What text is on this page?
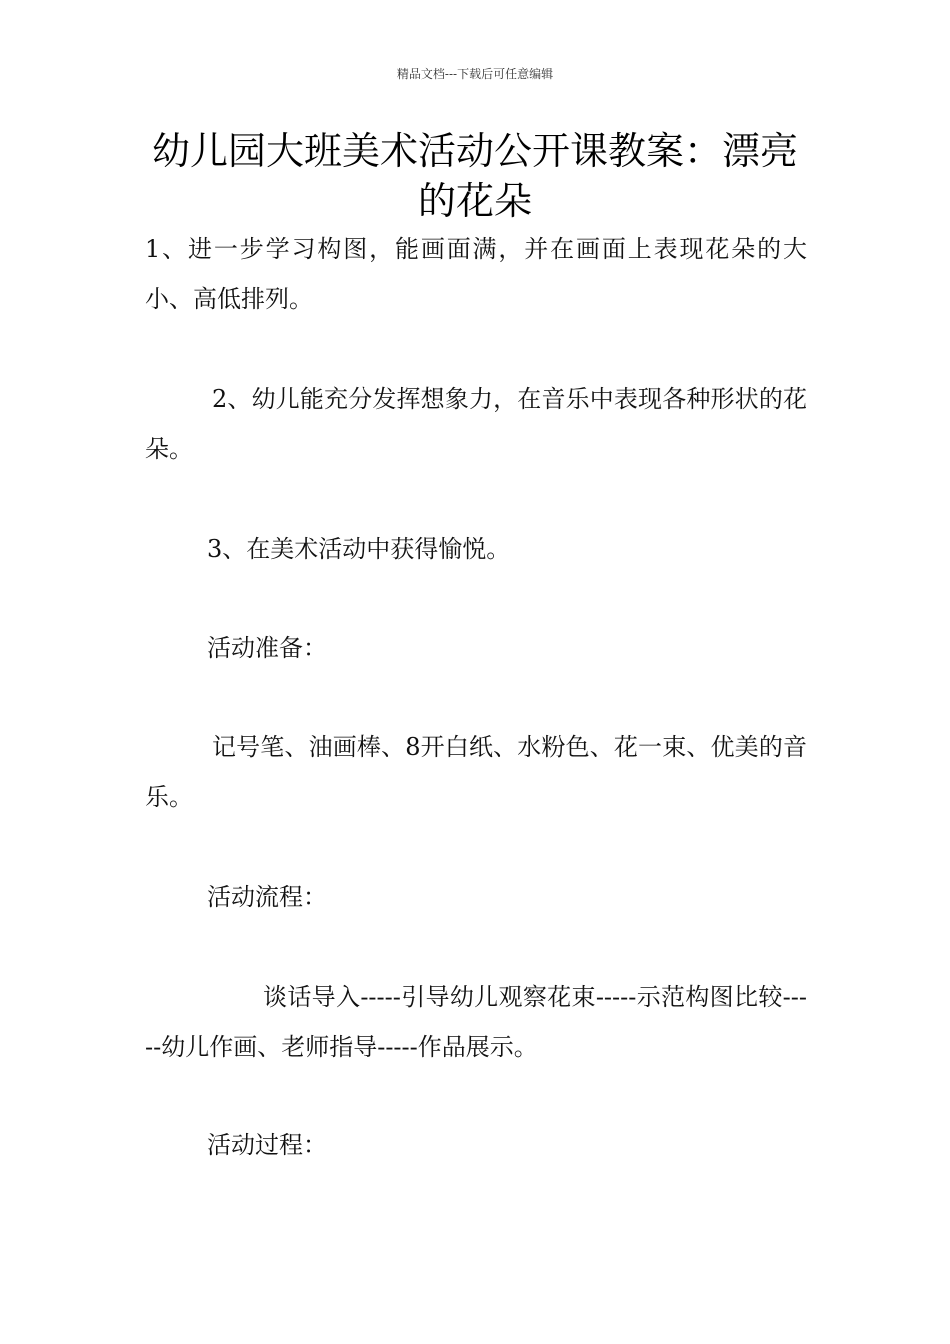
精品文档---下载后可任意编辑
幼儿园大班美术活动公开课教案：漂亮的花朵

1、进一步学习构图，能画面满，并在画面上表现花朵的大小、高低排列。

2、幼儿能充分发挥想象力，在音乐中表现各种形状的花朵。

3、在美术活动中获得愉悦。

活动准备：

记号笔、油画棒、8开白纸、水粉色、花一束、优美的音乐。

活动流程：

谈话导入-----引导幼儿观察花束-----示范构图比较-----幼儿作画、老师指导-----作品展示。

活动过程：
